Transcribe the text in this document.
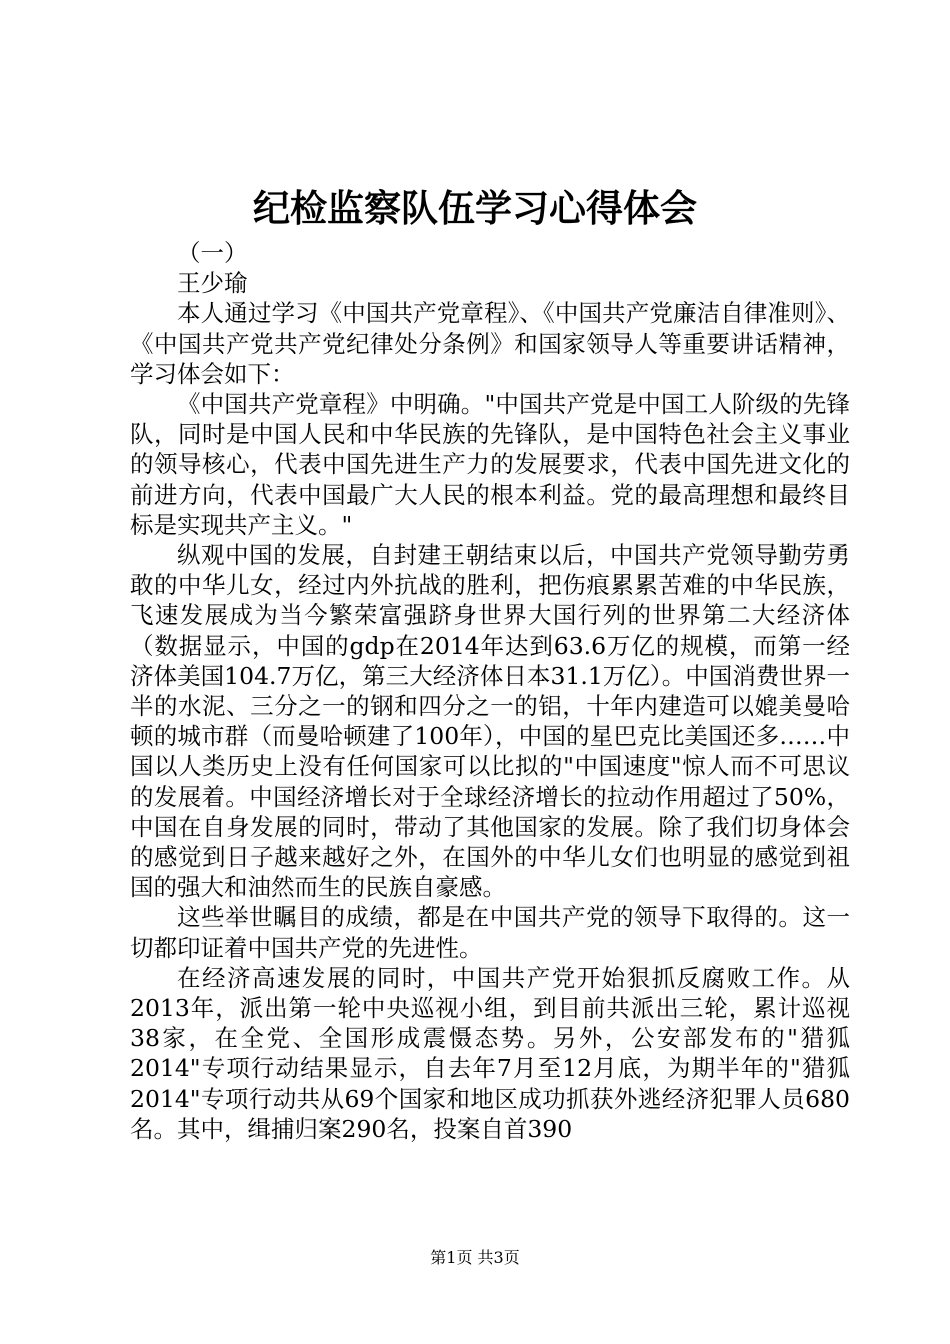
纪检监察队伍学习心得体会

（一）

王少瑜

本人通过学习《中国共产党章程》、《中国共产党廉洁自律准则》、《中国共产党共产党纪律处分条例》和国家领导人等重要讲话精神，学习体会如下：

《中国共产党章程》中明确。"中国共产党是中国工人阶级的先锋队，同时是中国人民和中华民族的先锋队，是中国特色社会主义事业的领导核心，代表中国先进生产力的发展要求，代表中国先进文化的前进方向，代表中国最广大人民的根本利益。党的最高理想和最终目标是实现共产主义。"

纵观中国的发展，自封建王朝结束以后，中国共产党领导勤劳勇敢的中华儿女，经过内外抗战的胜利，把伤痕累累苦难的中华民族，飞速发展成为当今繁荣富强跻身世界大国行列的世界第二大经济体（数据显示，中国的gdp在2014年达到63.6万亿的规模，而第一经济体美国104.7万亿，第三大经济体日本31.1万亿）。中国消费世界一半的水泥、三分之一的钢和四分之一的铝，十年内建造可以媲美曼哈顿的城市群（而曼哈顿建了100年），中国的星巴克比美国还多……中国以人类历史上没有任何国家可以比拟的"中国速度"惊人而不可思议的发展着。中国经济增长对于全球经济增长的拉动作用超过了50%，中国在自身发展的同时，带动了其他国家的发展。除了我们切身体会的感觉到日子越来越好之外，在国外的中华儿女们也明显的感觉到祖国的强大和油然而生的民族自豪感。

这些举世瞩目的成绩，都是在中国共产党的领导下取得的。这一切都印证着中国共产党的先进性。

在经济高速发展的同时，中国共产党开始狠抓反腐败工作。从2013年，派出第一轮中央巡视小组，到目前共派出三轮，累计巡视38家，在全党、全国形成震慑态势。另外，公安部发布的"猎狐2014"专项行动结果显示，自去年7月至12月底，为期半年的"猎狐2014"专项行动共从69个国家和地区成功抓获外逃经济犯罪人员680名。其中，缉捕归案290名，投案自首390

第1页 共3页
